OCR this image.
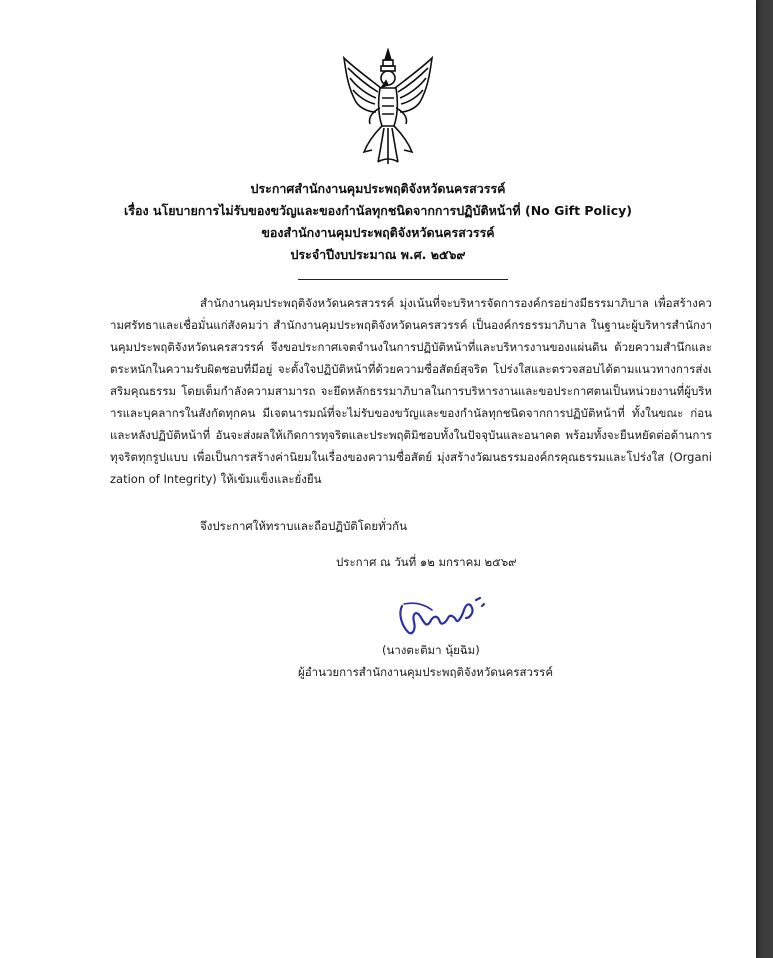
ประกาศสำนักงานคุมประพฤติจังหวัดนครสวรรค์
เรื่อง นโยบายการไม่รับของขวัญและของกำนัลทุกชนิดจากการปฏิบัติหน้าที่ (No Gift Policy)
ของสำนักงานคุมประพฤติจังหวัดนครสวรรค์
ประจำปีงบประมาณ พ.ศ. ๒๕๖๙
สำนักงานคุมประพฤติจังหวัดนครสวรรค์ มุ่งเน้นที่จะบริหารจัดการองค์กรอย่างมีธรรมาภิบาล เพื่อสร้างความศรัทธาและเชื่อมั่นแก่สังคมว่า สำนักงานคุมประพฤติจังหวัดนครสวรรค์ เป็นองค์กรธรรมาภิบาล ในฐานะผู้บริหารสำนักงานคุมประพฤติจังหวัดนครสวรรค์ จึงขอประกาศเจตจำนงในการปฏิบัติหน้าที่และบริหารงานของแผ่นดิน ด้วยความสำนึกและตระหนักในความรับผิดชอบที่มีอยู่ จะตั้งใจปฏิบัติหน้าที่ด้วยความซื่อสัตย์สุจริต โปร่งใสและตรวจสอบได้ตามแนวทางการส่งเสริมคุณธรรม โดยเต็มกำลังความสามารถ จะยึดหลักธรรมาภิบาลในการบริหารงานและขอประกาศตนเป็นหน่วยงานที่ผู้บริหารและบุคลากรในสังกัดทุกคน มีเจตนารมณ์ที่จะไม่รับของขวัญและของกำนัลทุกชนิดจากการปฏิบัติหน้าที่ ทั้งในขณะ ก่อน และหลังปฏิบัติหน้าที่ อันจะส่งผลให้เกิดการทุจริตและประพฤติมิชอบทั้งในปัจจุบันและอนาคต พร้อมทั้งจะยืนหยัดต่อต้านการทุจริตทุกรูปแบบ เพื่อเป็นการสร้างค่านิยมในเรื่องของความซื่อสัตย์ มุ่งสร้างวัฒนธรรมองค์กรคุณธรรมและโปร่งใส (Organization of Integrity) ให้เข้มแข็งและยั่งยืน
จึงประกาศให้ทราบและถือปฏิบัติโดยทั่วกัน
ประกาศ ณ วันที่ ๑๒ มกราคม ๒๕๖๙
(นางตะติมา นุ้ยฉิม)
ผู้อำนวยการสำนักงานคุมประพฤติจังหวัดนครสวรรค์
